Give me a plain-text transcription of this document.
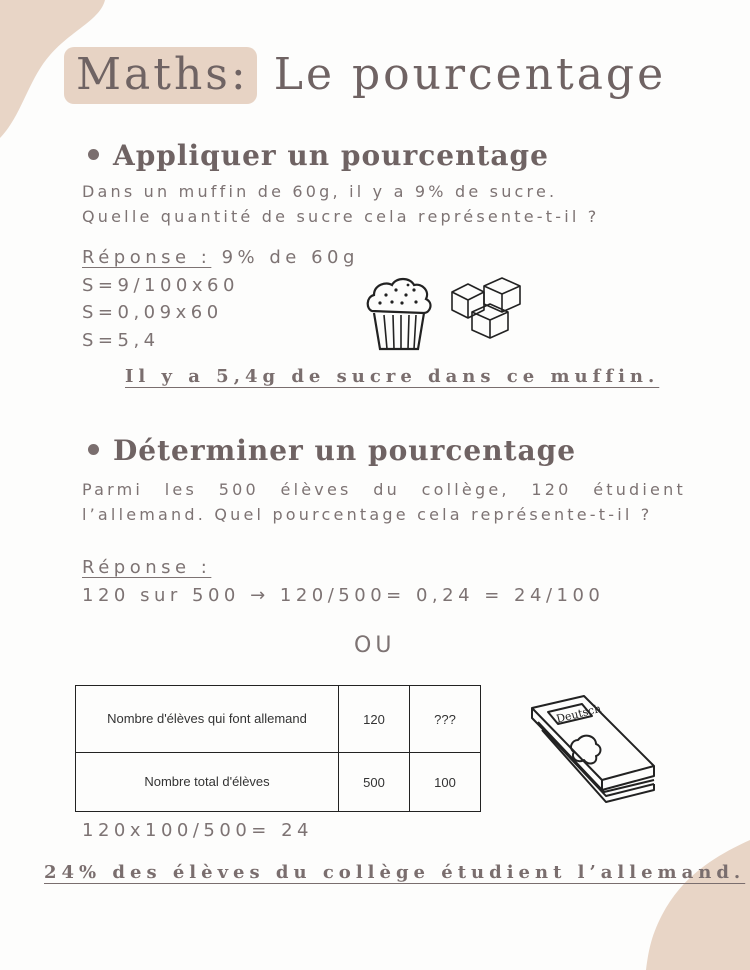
Maths: Le pourcentage
Appliquer un pourcentage
Dans un muffin de 60g, il y a 9% de sucre.
Quelle quantité de sucre cela représente-t-il ?
Réponse : 9% de 60g
S=9/100x60
S=0,09x60
S=5,4
Il y a 5,4g de sucre dans ce muffin.
Déterminer un pourcentage
Parmi les 500 élèves du collège, 120 étudient
l’allemand. Quel pourcentage cela représente-t-il ?
Réponse :
120 sur 500 → 120/500= 0,24 = 24/100
OU
Nombre d'élèves qui font allemand	120	???
Nombre total d'élèves	500	100
Deutsch
120x100/500= 24
24% des élèves du collège étudient l’allemand.
